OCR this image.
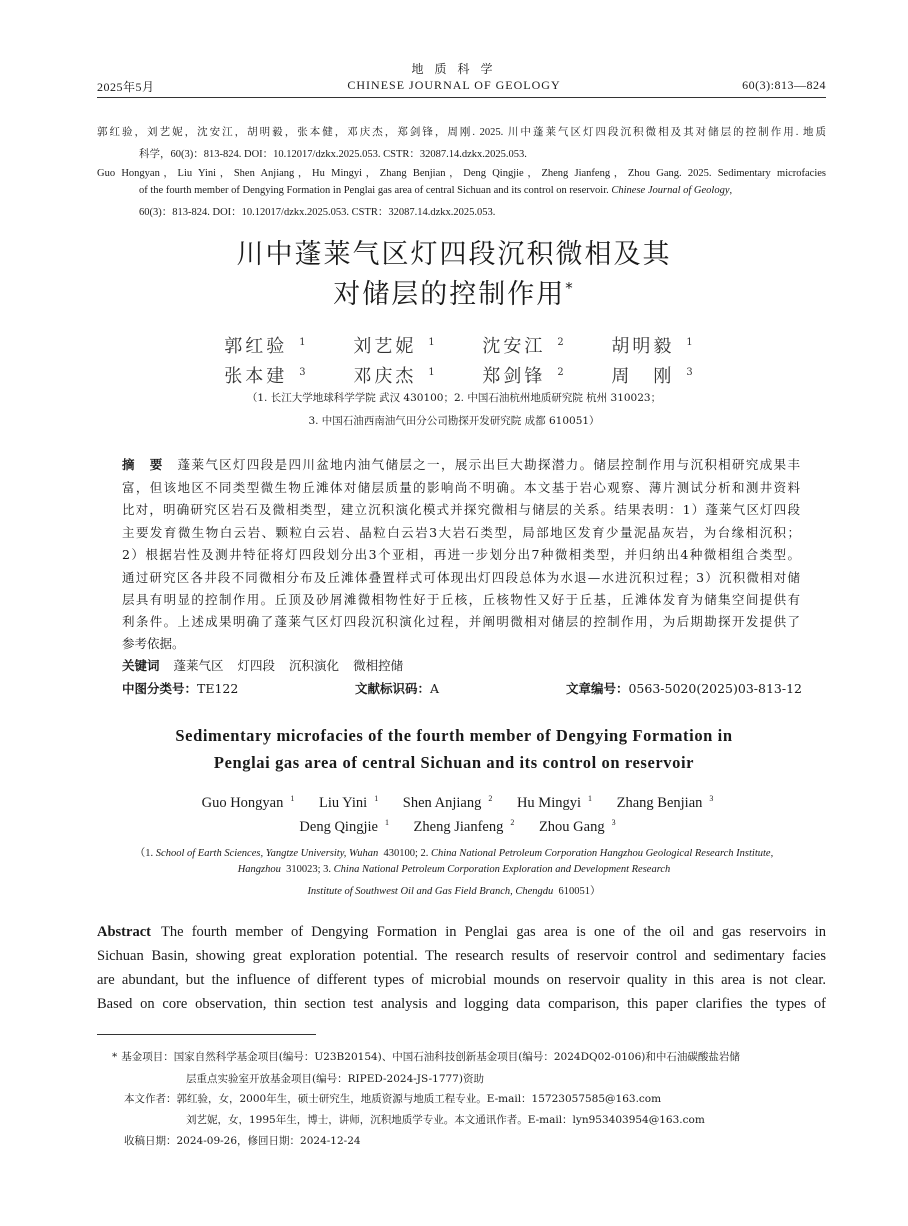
地 质 科 学
2025年5月	CHINESE JOURNAL OF GEOLOGY	60(3):813—824
郭红验，刘艺妮，沈安江，胡明毅，张本健，邓庆杰，郑剑锋，周刚. 2025. 川中蓬莱气区灯四段沉积微相及其对储层的控制作用. 地质
科学，60(3)：813-824. DOI：10.12017/dzkx.2025.053. CSTR：32087.14.dzkx.2025.053.
Guo Hongyan，Liu Yini，Shen Anjiang，Hu Mingyi，Zhang Benjian，Deng Qingjie，Zheng Jianfeng，Zhou Gang. 2025. Sedimentary microfacies
of the fourth member of Dengying Formation in Penglai gas area of central Sichuan and its control on reservoir. Chinese Journal of Geology,
60(3)：813-824. DOI：10.12017/dzkx.2025.053. CSTR：32087.14.dzkx.2025.053.
川中蓬莱气区灯四段沉积微相及其
对储层的控制作用*
郭红验 $^1$ 刘艺妮 $^1$ 沈安江 $^2$ 胡明毅 $^1$
张本建 $^3$ 邓庆杰 $^1$ 郑剑锋 $^2$ 周　刚 $^3$
（1. 长江大学地球科学学院 武汉 430100；2. 中国石油杭州地质研究院 杭州 310023；
3. 中国石油西南油气田分公司勘探开发研究院 成都 610051）
摘　要 蓬莱气区灯四段是四川盆地内油气储层之一，展示出巨大勘探潜力。储层控制作用与沉积相研究成果丰
富，但该地区不同类型微生物丘滩体对储层质量的影响尚不明确。本文基于岩心观察、薄片测试分析和测井资料
比对，明确研究区岩石及微相类型，建立沉积演化模式并探究微相与储层的关系。结果表明：1）蓬莱气区灯四段
主要发育微生物白云岩、颗粒白云岩、晶粒白云岩3大岩石类型，局部地区发育少量泥晶灰岩，为台缘相沉积；
2）根据岩性及测井特征将灯四段划分出3个亚相，再进一步划分出7种微相类型，并归纳出4种微相组合类型。
通过研究区各井段不同微相分布及丘滩体叠置样式可体现出灯四段总体为水退—水进沉积过程；3）沉积微相对储
层具有明显的控制作用。丘顶及砂屑滩微相物性好于丘核，丘核物性又好于丘基，丘滩体发育为储集空间提供有
利条件。上述成果明确了蓬莱气区灯四段沉积演化过程，并阐明微相对储层的控制作用，为后期勘探开发提供了
参考依据。
关键词 蓬莱气区 灯四段 沉积演化 微相控储
中图分类号：TE122	文献标识码：A	文章编号：0563-5020(2025)03-813-12
Sedimentary microfacies of the fourth member of Dengying Formation in
Penglai gas area of central Sichuan and its control on reservoir
Guo Hongyan $^1$ Liu Yini $^1$ Shen Anjiang $^2$ Hu Mingyi $^1$ Zhang Benjian $^3$
Deng Qingjie $^1$ Zheng Jianfeng $^2$ Zhou Gang $^3$
（1. School of Earth Sciences, Yangtze University, Wuhan  430100; 2. China National Petroleum Corporation Hangzhou Geological Research Institute,
Hangzhou  310023; 3. China National Petroleum Corporation Exploration and Development Research
Institute of Southwest Oil and Gas Field Branch, Chengdu  610051）
Abstract The fourth member of Dengying Formation in Penglai gas area is one of the oil and gas reservoirs in
Sichuan Basin, showing great exploration potential. The research results of reservoir control and sedimentary facies
are abundant, but the influence of different types of microbial mounds on reservoir quality in this area is not clear.
Based on core observation, thin section test analysis and logging data comparison, this paper clarifies the types of
* 基金项目：国家自然科学基金项目(编号：U23B20154)、中国石油科技创新基金项目(编号：2024DQ02-0106)和中石油碳酸盐岩储
层重点实验室开放基金项目(编号：RIPED-2024-JS-1777)资助
本文作者：郭红验，女，2000年生，硕士研究生，地质资源与地质工程专业。E-mail：15723057585@163.com
刘艺妮，女，1995年生，博士，讲师，沉积地质学专业。本文通讯作者。E-mail：lyn953403954@163.com
收稿日期：2024-09-26，修回日期：2024-12-24
